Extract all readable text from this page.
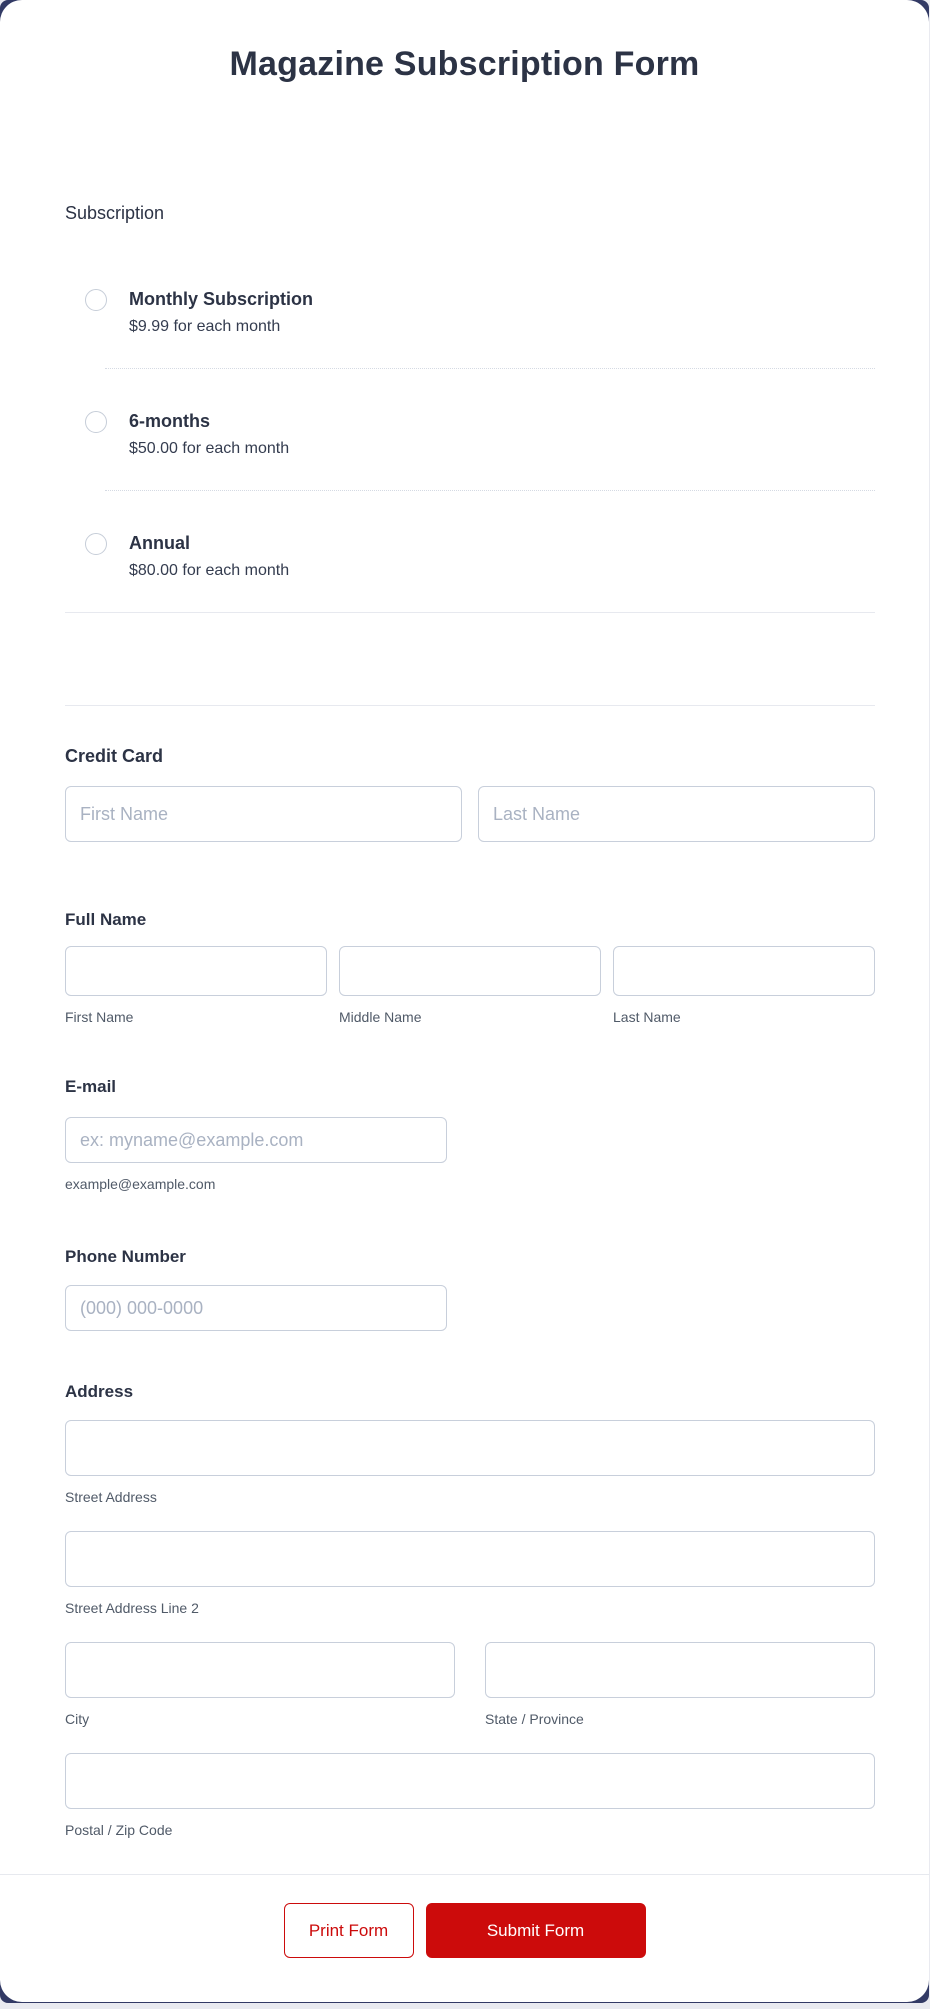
Magazine Subscription Form
Subscription
Monthly Subscription
$9.99 for each month
6-months
$50.00 for each month
Annual
$80.00 for each month
Credit Card
First Name
Last Name
Full Name
First Name	Middle Name	Last Name
E-mail
ex: myname@example.com
example@example.com
Phone Number
(000) 000-0000
Address
Street Address
Street Address Line 2
City	State / Province
Postal / Zip Code
Print Form	Submit Form
